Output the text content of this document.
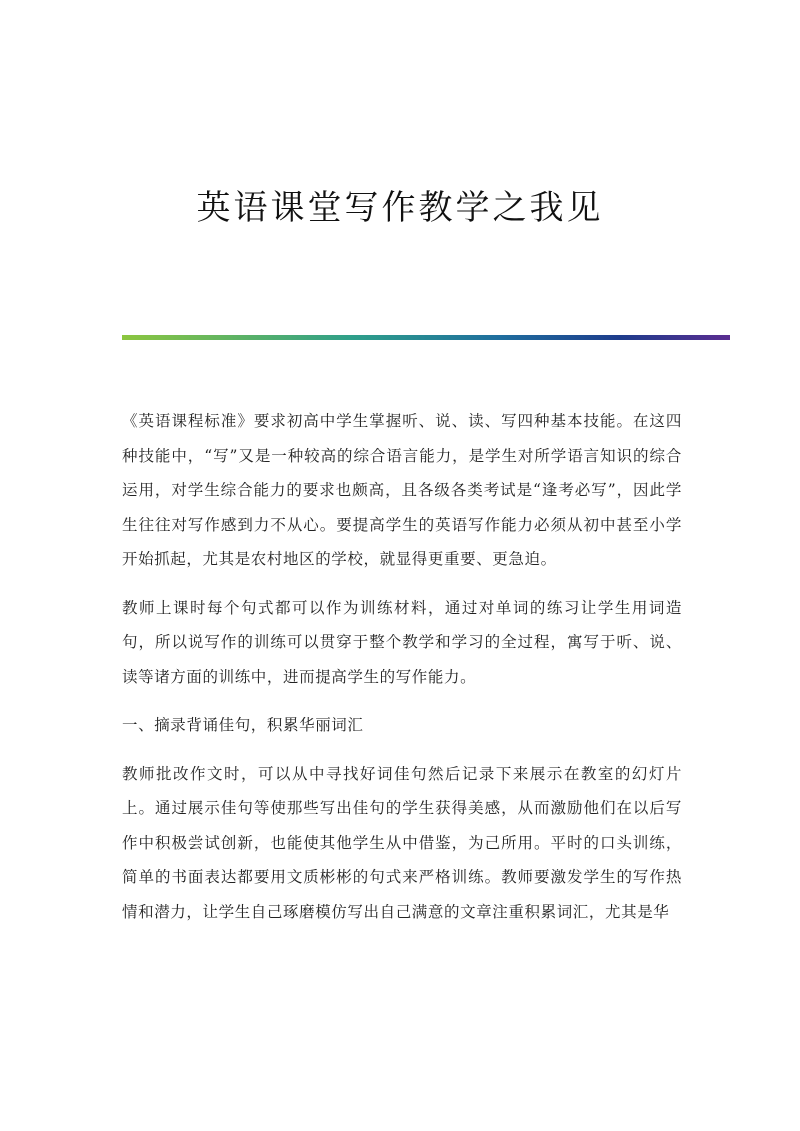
英语课堂写作教学之我见

《英语课程标准》要求初高中学生掌握听、说、读、写四种基本技能。在这四种技能中，“写”又是一种较高的综合语言能力，是学生对所学语言知识的综合运用，对学生综合能力的要求也颇高，且各级各类考试是“逢考必写”，因此学生往往对写作感到力不从心。要提高学生的英语写作能力必须从初中甚至小学开始抓起，尤其是农村地区的学校，就显得更重要、更急迫。

教师上课时每个句式都可以作为训练材料，通过对单词的练习让学生用词造句，所以说写作的训练可以贯穿于整个教学和学习的全过程，寓写于听、说、读等诸方面的训练中，进而提高学生的写作能力。

一、摘录背诵佳句，积累华丽词汇

教师批改作文时，可以从中寻找好词佳句然后记录下来展示在教室的幻灯片上。通过展示佳句等使那些写出佳句的学生获得美感，从而激励他们在以后写作中积极尝试创新，也能使其他学生从中借鉴，为己所用。平时的口头训练，简单的书面表达都要用文质彬彬的句式来严格训练。教师要激发学生的写作热情和潜力，让学生自己琢磨模仿写出自己满意的文章注重积累词汇，尤其是华
